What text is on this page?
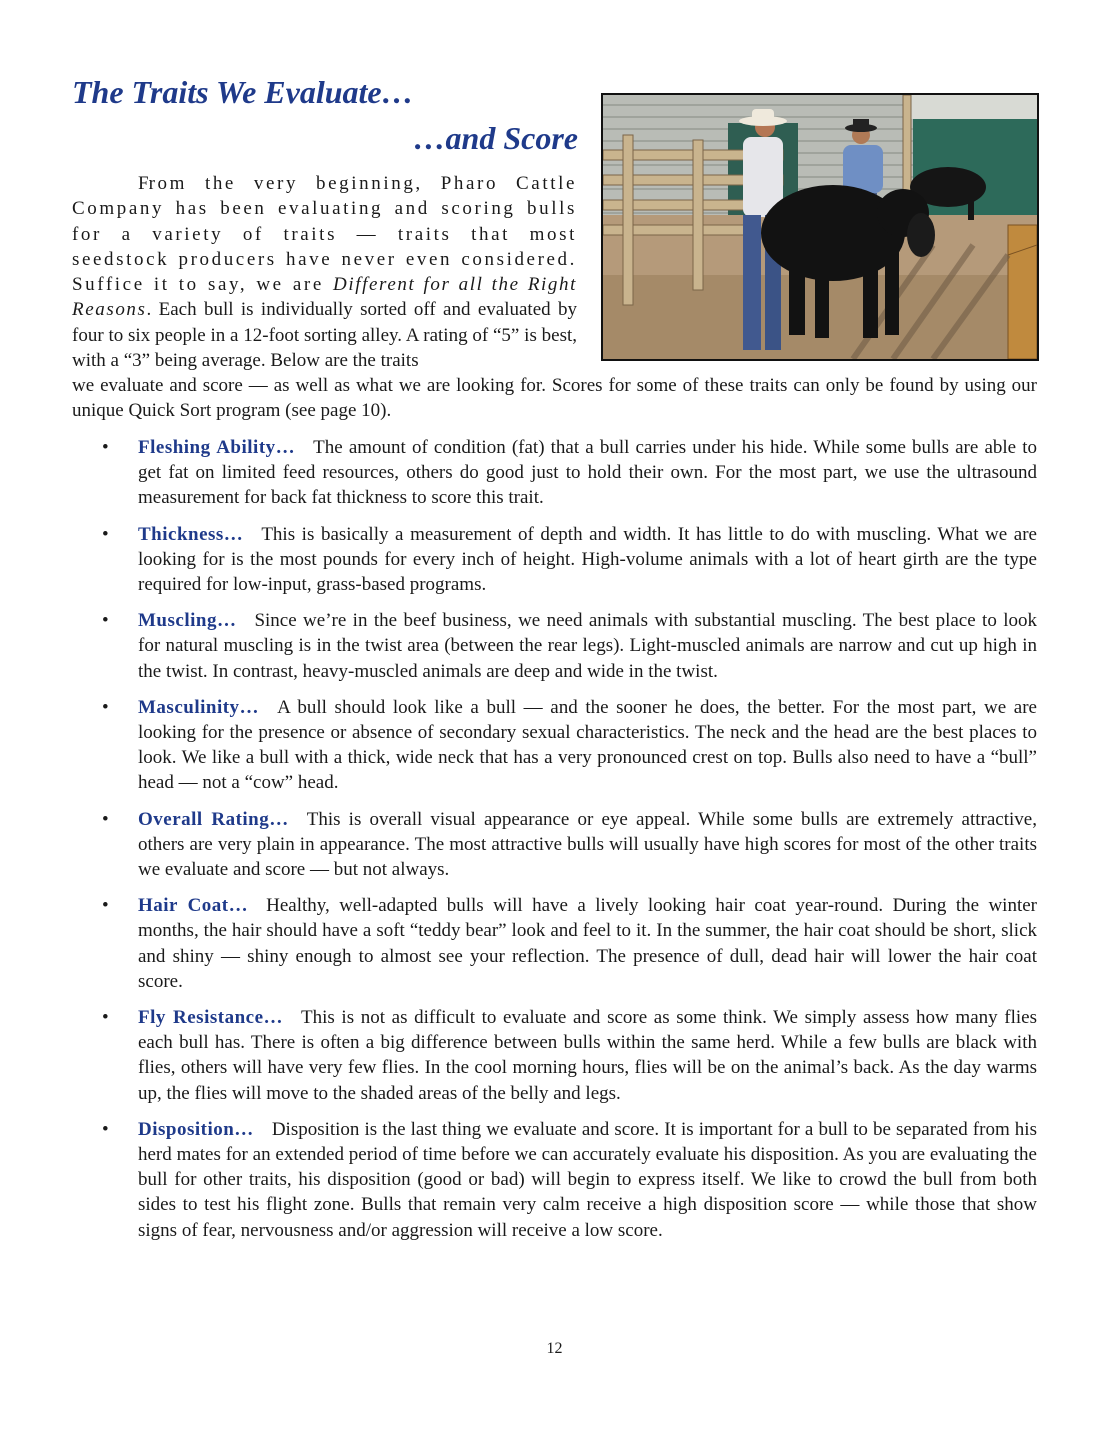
The Traits We Evaluate…
…and Score

From the very beginning, Pharo Cattle Company has been evaluating and scoring bulls for a variety of traits — traits that most seedstock producers have never even considered. Suffice it to say, we are Different for all the Right Reasons. Each bull is individually sorted off and evaluated by four to six people in a 12-foot sorting alley. A rating of “5” is best, with a “3” being average. Below are the traits

we evaluate and score — as well as what we are looking for. Scores for some of these traits can only be found by using our unique Quick Sort program (see page 10).

• Fleshing Ability… The amount of condition (fat) that a bull carries under his hide. While some bulls are able to get fat on limited feed resources, others do good just to hold their own. For the most part, we use the ultrasound measurement for back fat thickness to score this trait.
• Thickness… This is basically a measurement of depth and width. It has little to do with muscling. What we are looking for is the most pounds for every inch of height. High-volume animals with a lot of heart girth are the type required for low-input, grass-based programs.
• Muscling… Since we’re in the beef business, we need animals with substantial muscling. The best place to look for natural muscling is in the twist area (between the rear legs). Light-muscled animals are narrow and cut up high in the twist. In contrast, heavy-muscled animals are deep and wide in the twist.
• Masculinity… A bull should look like a bull — and the sooner he does, the better. For the most part, we are looking for the presence or absence of secondary sexual characteristics. The neck and the head are the best places to look. We like a bull with a thick, wide neck that has a very pronounced crest on top. Bulls also need to have a “bull” head — not a “cow” head.
• Overall Rating… This is overall visual appearance or eye appeal. While some bulls are extremely attractive, others are very plain in appearance. The most attractive bulls will usually have high scores for most of the other traits we evaluate and score — but not always.
• Hair Coat… Healthy, well-adapted bulls will have a lively looking hair coat year-round. During the winter months, the hair should have a soft “teddy bear” look and feel to it. In the summer, the hair coat should be short, slick and shiny — shiny enough to almost see your reflection. The presence of dull, dead hair will lower the hair coat score.
• Fly Resistance… This is not as difficult to evaluate and score as some think. We simply assess how many flies each bull has. There is often a big difference between bulls within the same herd. While a few bulls are black with flies, others will have very few flies. In the cool morning hours, flies will be on the animal’s back. As the day warms up, the flies will move to the shaded areas of the belly and legs.
• Disposition… Disposition is the last thing we evaluate and score. It is important for a bull to be separated from his herd mates for an extended period of time before we can accurately evaluate his disposition. As you are evaluating the bull for other traits, his disposition (good or bad) will begin to express itself. We like to crowd the bull from both sides to test his flight zone. Bulls that remain very calm receive a high disposition score — while those that show signs of fear, nervousness and/or aggression will receive a low score.

12
